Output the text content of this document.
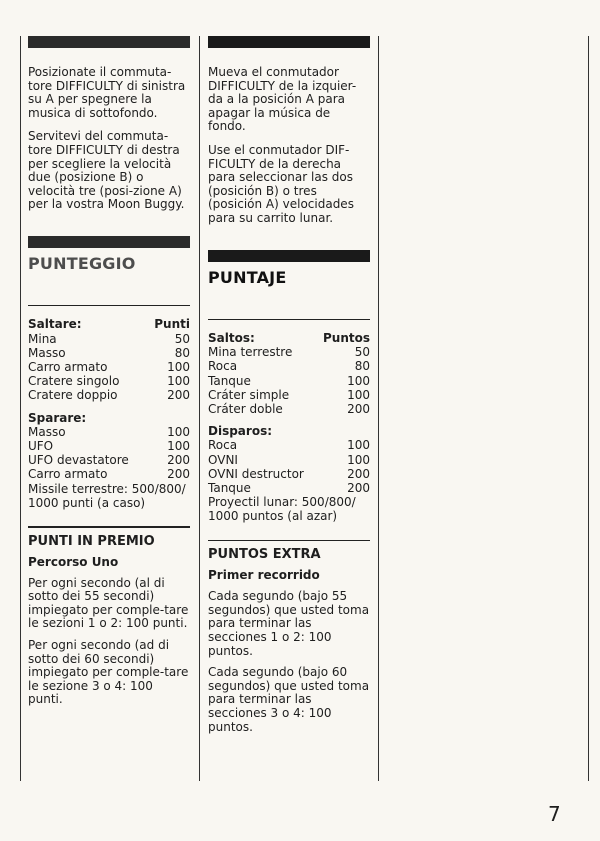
Posizionate il commuta-tore DIFFICULTY di sinistra su A per spegnere la musica di sottofondo.

Servitevi del commuta-tore DIFFICULTY di destra per scegliere la velocità due (posizione B) o velocità tre (posi-zione A) per la vostra Moon Buggy.

PUNTEGGIO
Saltare:	Punti
Mina	50
Masso	80
Carro armato	100
Cratere singolo	100
Cratere doppio	200
Sparare:
Masso	100
UFO	100
UFO devastatore	200
Carro armato	200
Missile terrestre: 500/800/
1000 punti (a caso)
PUNTI IN PREMIO
Percorso Uno
Per ogni secondo (al di sotto dei 55 secondi) impiegato per comple-tare le sezioni 1 o 2: 100 punti.
Per ogni secondo (ad di sotto dei 60 secondi) impiegato per comple-tare le sezione 3 o 4: 100 punti.

Mueva el conmutador DIFFICULTY de la izquier-da a la posición A para apagar la música de fondo.

Use el conmutador DIF-FICULTY de la derecha para seleccionar las dos (posición B) o tres (posición A) velocidades para su carrito lunar.

PUNTAJE
Saltos:	Puntos
Mina terrestre	50
Roca	80
Tanque	100
Cráter simple	100
Cráter doble	200
Disparos:
Roca	100
OVNI	100
OVNI destructor	200
Tanque	200
Proyectil lunar: 500/800/
1000 puntos (al azar)
PUNTOS EXTRA
Primer recorrido
Cada segundo (bajo 55 segundos) que usted toma para terminar las secciones 1 o 2: 100 puntos.
Cada segundo (bajo 60 segundos) que usted toma para terminar las secciones 3 o 4: 100 puntos.
7
